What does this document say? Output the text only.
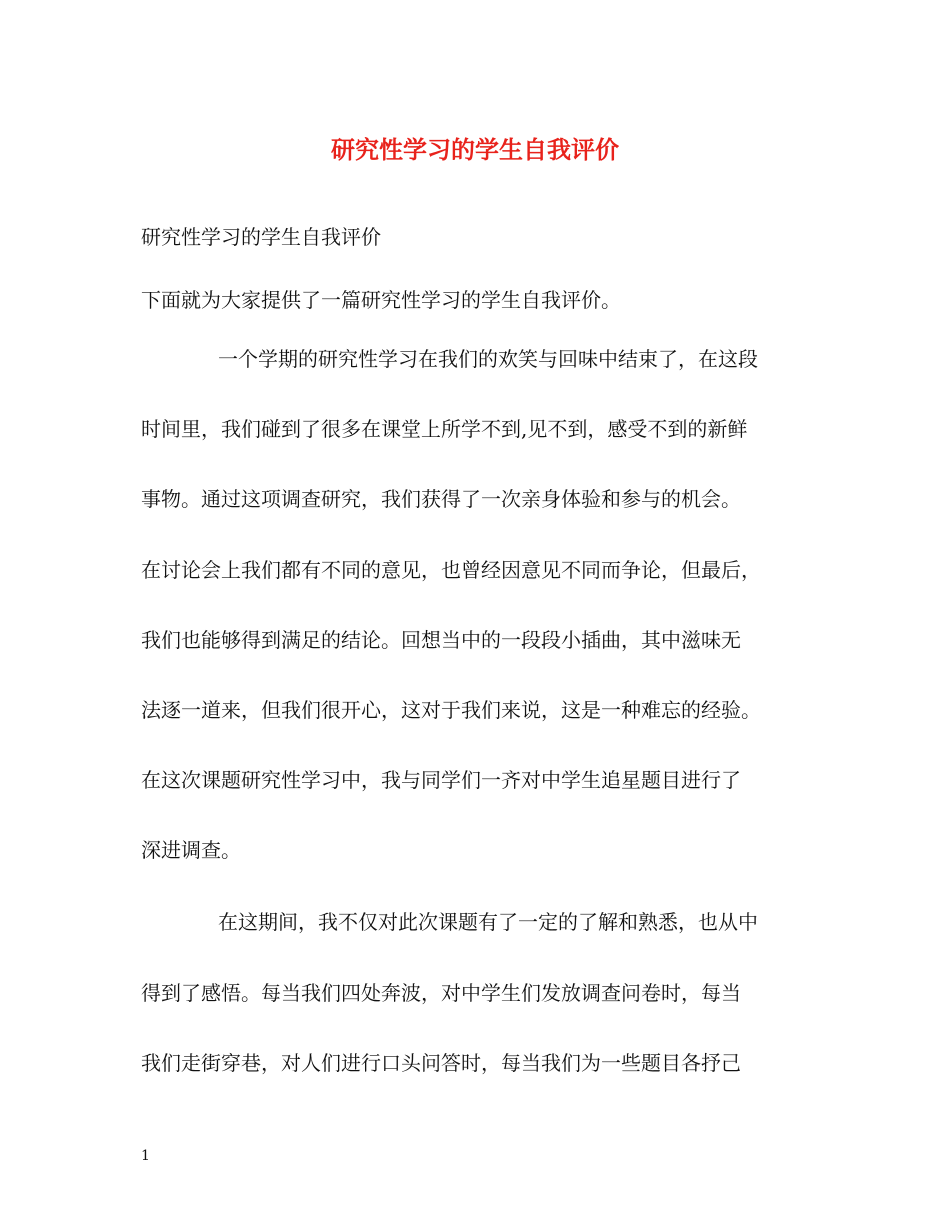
研究性学习的学生自我评价
研究性学习的学生自我评价
下面就为大家提供了一篇研究性学习的学生自我评价。
一个学期的研究性学习在我们的欢笑与回味中结束了，在这段
时间里，我们碰到了很多在课堂上所学不到,见不到，感受不到的新鲜
事物。通过这项调查研究，我们获得了一次亲身体验和参与的机会。
在讨论会上我们都有不同的意见，也曾经因意见不同而争论，但最后，
我们也能够得到满足的结论。回想当中的一段段小插曲，其中滋味无
法逐一道来，但我们很开心，这对于我们来说，这是一种难忘的经验。
在这次课题研究性学习中，我与同学们一齐对中学生追星题目进行了
深进调查。
在这期间，我不仅对此次课题有了一定的了解和熟悉，也从中
得到了感悟。每当我们四处奔波，对中学生们发放调查问卷时，每当
我们走街穿巷，对人们进行口头问答时，每当我们为一些题目各抒己
1
